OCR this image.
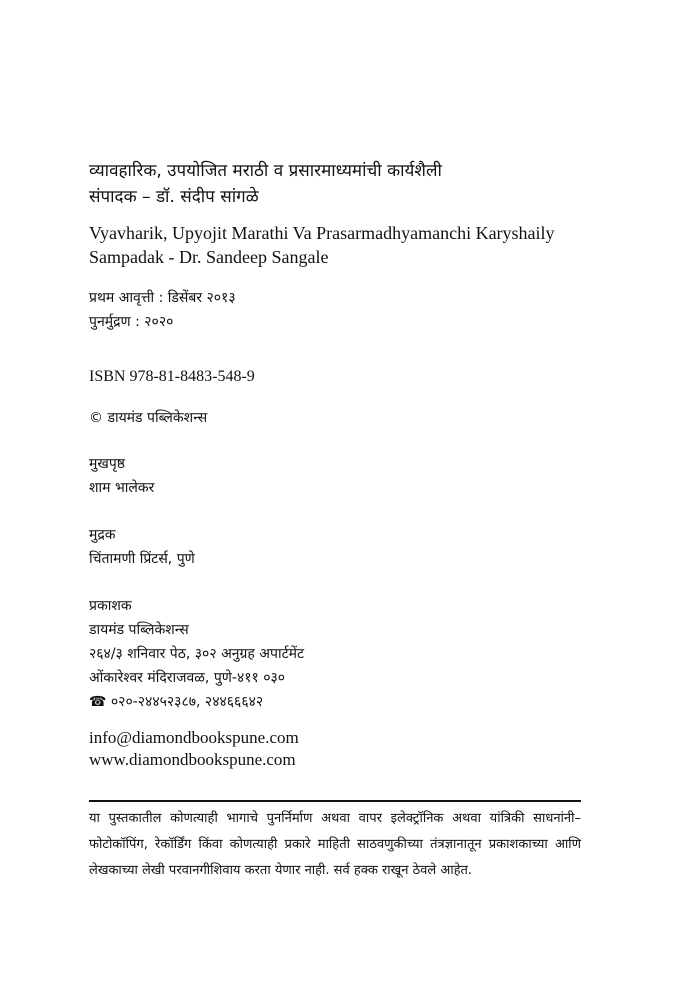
व्यावहारिक, उपयोजित मराठी व प्रसारमाध्यमांची कार्यशैली
संपादक – डॉ. संदीप सांगळे
Vyavharik, Upyojit Marathi Va Prasarmadhyamanchi Karyshaily
Sampadak - Dr. Sandeep Sangale
प्रथम आवृत्ती : डिसेंबर २०१३
पुनर्मुद्रण : २०२०
ISBN 978-81-8483-548-9
© डायमंड पब्लिकेशन्स
मुखपृष्ठ
शाम भालेकर
मुद्रक
चिंतामणी प्रिंटर्स, पुणे
प्रकाशक
डायमंड पब्लिकेशन्स
२६४/३ शनिवार पेठ, ३०२ अनुग्रह अपार्टमेंट
ओंकारेश्वर मंदिराजवळ, पुणे-४११ ०३०
☎ ०२०-२४४५२३८७, २४४६६६४२
info@diamondbookspune.com
www.diamondbookspune.com
या पुस्तकातील कोणत्याही भागाचे पुनर्निर्माण अथवा वापर इलेक्ट्रॉनिक अथवा यांत्रिकी साधनांनी– फोटोकॉपिंग, रेकॉर्डिंग किंवा कोणत्याही प्रकारे माहिती साठवणुकीच्या तंत्रज्ञानातून प्रकाशकाच्या आणि लेखकाच्या लेखी परवानगीशिवाय करता येणार नाही. सर्व हक्क राखून ठेवले आहेत.
